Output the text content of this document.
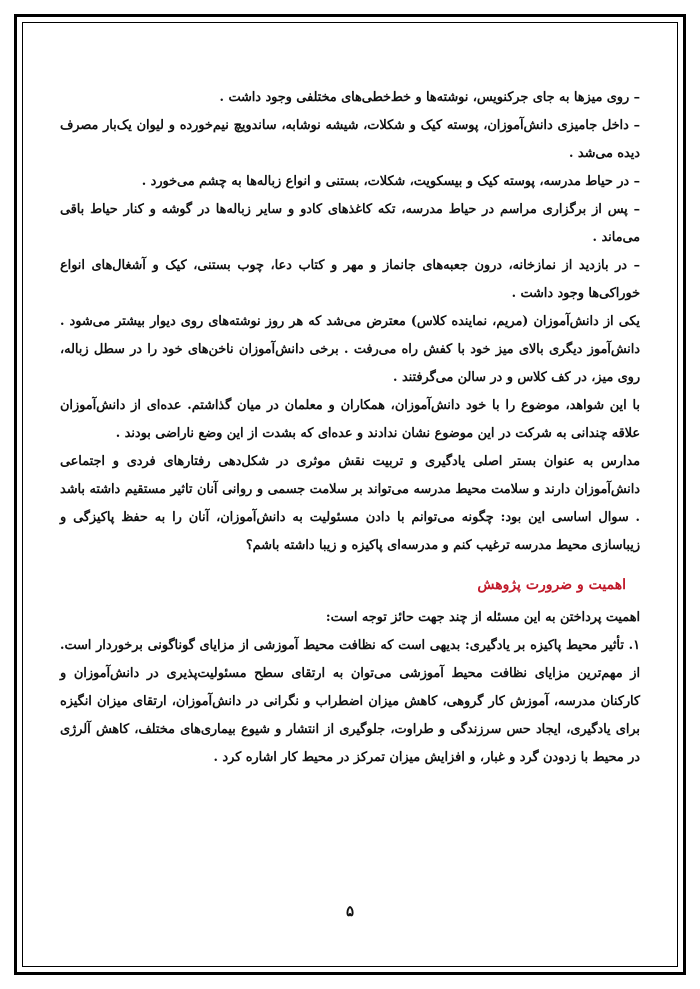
– روی میزها به جای جرکنویس، نوشته‌ها و خط‌خطی‌های مختلفی وجود داشت .

– داخل جامیزی دانش‌آموزان، پوسته کیک و شکلات، شیشه نوشابه، ساندویچ نیم‌خورده و لیوان یک‌بار مصرف دیده می‌شد .

– در حیاط مدرسه، پوسته کیک و بیسکویت، شکلات، بستنی و انواع زباله‌ها به چشم می‌خورد .

– پس از برگزاری مراسم در حیاط مدرسه، تکه کاغذهای کادو و سایر زباله‌ها در گوشه و کنار حیاط باقی می‌ماند .

– در بازدید از نمازخانه، درون جعبه‌های جانماز و مهر و کتاب دعا، چوب بستنی، کیک و آشغال‌های انواع خوراکی‌ها وجود داشت .

یکی از دانش‌آموزان (مریم، نماینده کلاس) معترض می‌شد که هر روز نوشته‌های روی دیوار بیشتر می‌شود . دانش‌آموز دیگری بالای میز خود با کفش راه می‌رفت . برخی دانش‌آموزان ناخن‌های خود را در سطل زباله، روی میز، در کف کلاس و در سالن می‌گرفتند .

با این شواهد، موضوع را با خود دانش‌آموزان، همکاران و معلمان در میان گذاشتم. عده‌ای از دانش‌آموزان علاقه چندانی به شرکت در این موضوع نشان ندادند و عده‌ای که بشدت از این وضع ناراضی بودند .

مدارس به عنوان بستر اصلی یادگیری و تربیت نقش موثری در شکل‌دهی رفتارهای فردی و اجتماعی دانش‌آموزان دارند و سلامت محیط مدرسه می‌تواند بر سلامت جسمی و روانی آنان تاثیر مستقیم داشته باشد . سوال اساسی این بود: چگونه می‌توانم با دادن مسئولیت به دانش‌آموزان، آنان را به حفظ پاکیزگی و زیباسازی محیط مدرسه ترغیب کنم و مدرسه‌ای پاکیزه و زیبا داشته باشم؟

اهمیت و ضرورت پژوهش

اهمیت پرداختن به این مسئله از چند جهت حائز توجه است:

۱. تأثیر محیط پاکیزه بر یادگیری: بدیهی است که نظافت محیط آموزشی از مزایای گوناگونی برخوردار است. از مهم‌ترین مزایای نظافت محیط آموزشی می‌توان به ارتقای سطح مسئولیت‌پذیری در دانش‌آموزان و کارکنان مدرسه، آموزش کار گروهی، کاهش میزان اضطراب و نگرانی در دانش‌آموزان، ارتقای میزان انگیزه برای یادگیری، ایجاد حس سرزندگی و طراوت، جلوگیری از انتشار و شیوع بیماری‌های مختلف، کاهش آلرژی در محیط با زدودن گرد و غبار، و افزایش میزان تمرکز در محیط کار اشاره کرد .

۵
